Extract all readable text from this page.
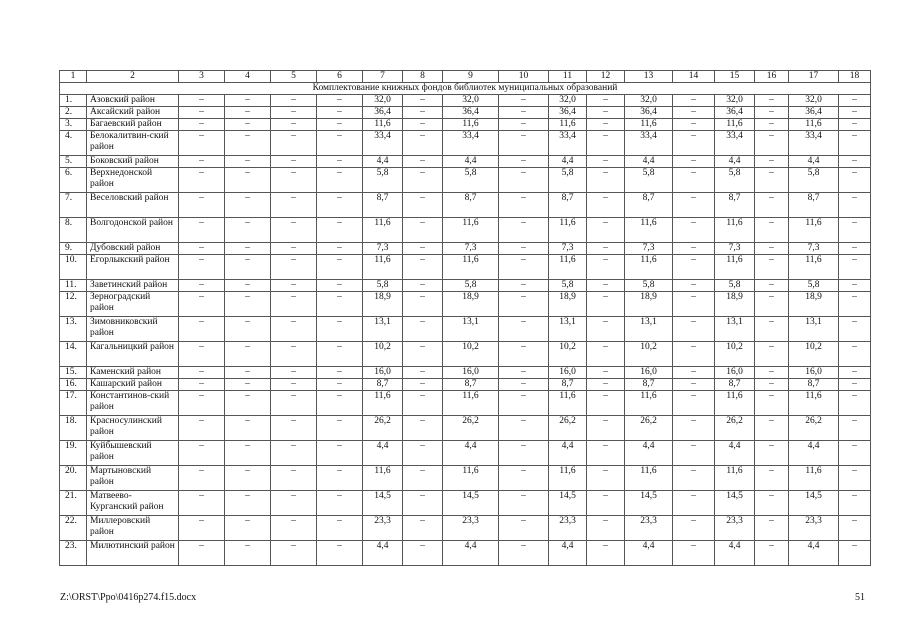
1	2	3	4	5	6	7	8	9	10	11	12	13	14	15	16	17	18
Комплектование книжных фондов библиотек муниципальных образований																	
1.	Азовский район	–	–	–	–	32,0	–	32,0	–	32,0	–	32,0	–	32,0	–	32,0	–
2.	Аксайский район	–	–	–	–	36,4	–	36,4	–	36,4	–	36,4	–	36,4	–	36,4	–
3.	Багаевский район	–	–	–	–	11,6	–	11,6	–	11,6	–	11,6	–	11,6	–	11,6	–
4.	Белокалитвин-ский район	–	–	–	–	33,4	–	33,4	–	33,4	–	33,4	–	33,4	–	33,4	–
5.	Боковский район	–	–	–	–	4,4	–	4,4	–	4,4	–	4,4	–	4,4	–	4,4	–
6.	Верхнедонской район	–	–	–	–	5,8	–	5,8	–	5,8	–	5,8	–	5,8	–	5,8	–
7.	Веселовский район	–	–	–	–	8,7	–	8,7	–	8,7	–	8,7	–	8,7	–	8,7	–
8.	Волгодонской район	–	–	–	–	11,6	–	11,6	–	11,6	–	11,6	–	11,6	–	11,6	–
9.	Дубовский район	–	–	–	–	7,3	–	7,3	–	7,3	–	7,3	–	7,3	–	7,3	–
10.	Егорлыкский район	–	–	–	–	11,6	–	11,6	–	11,6	–	11,6	–	11,6	–	11,6	–
11.	Заветинский район	–	–	–	–	5,8	–	5,8	–	5,8	–	5,8	–	5,8	–	5,8	–
12.	Зерноградский район	–	–	–	–	18,9	–	18,9	–	18,9	–	18,9	–	18,9	–	18,9	–
13.	Зимовниковский район	–	–	–	–	13,1	–	13,1	–	13,1	–	13,1	–	13,1	–	13,1	–
14.	Кагальницкий район	–	–	–	–	10,2	–	10,2	–	10,2	–	10,2	–	10,2	–	10,2	–
15.	Каменский район	–	–	–	–	16,0	–	16,0	–	16,0	–	16,0	–	16,0	–	16,0	–
16.	Кашарский район	–	–	–	–	8,7	–	8,7	–	8,7	–	8,7	–	8,7	–	8,7	–
17.	Константинов-ский район	–	–	–	–	11,6	–	11,6	–	11,6	–	11,6	–	11,6	–	11,6	–
18.	Красносулинский район	–	–	–	–	26,2	–	26,2	–	26,2	–	26,2	–	26,2	–	26,2	–
19.	Куйбышевский район	–	–	–	–	4,4	–	4,4	–	4,4	–	4,4	–	4,4	–	4,4	–
20.	Мартыновский район	–	–	–	–	11,6	–	11,6	–	11,6	–	11,6	–	11,6	–	11,6	–
21.	Матвеево-Курганский район	–	–	–	–	14,5	–	14,5	–	14,5	–	14,5	–	14,5	–	14,5	–
22.	Миллеровский район	–	–	–	–	23,3	–	23,3	–	23,3	–	23,3	–	23,3	–	23,3	–
23.	Милютинский район	–	–	–	–	4,4	–	4,4	–	4,4	–	4,4	–	4,4	–	4,4	–
Z:\ORST\Ppo\0416p274.f15.docx	51
